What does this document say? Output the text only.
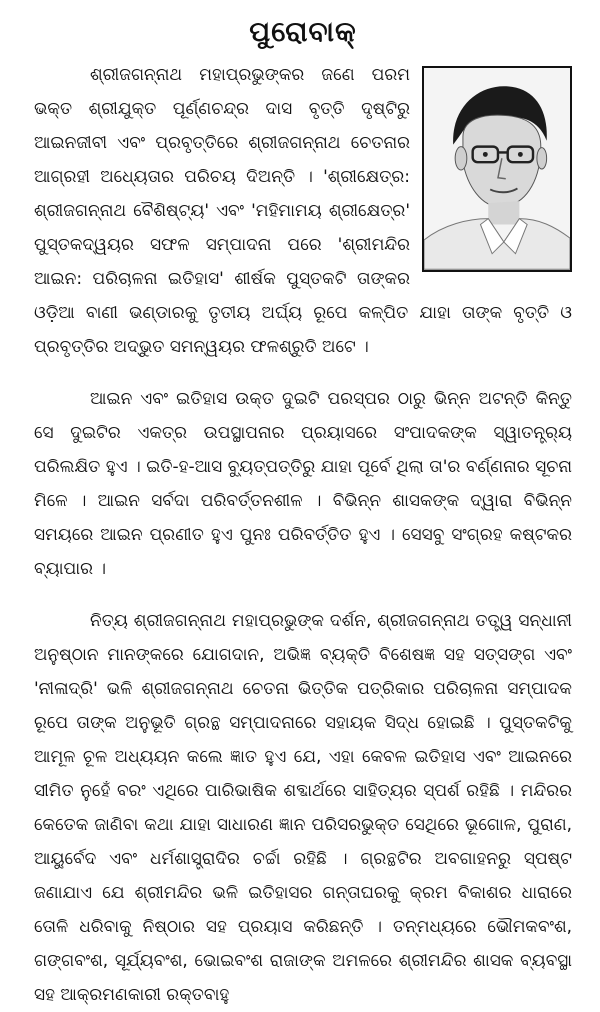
ପୁରୋବାକ୍

ଶ୍ରୀଜଗନ୍ନାଥ ମହାପ୍ରଭୁଙ୍କର ଜଣେ ପରମ ଭକ୍ତ ଶ୍ରୀଯୁକ୍ତ ପୂର୍ଣ୍ଣଚନ୍ଦ୍ର ଦାସ ବୃତ୍ତି ଦୃଷ୍ଟିରୁ ଆଇନଜୀବୀ ଏବଂ ପ୍ରବୃତ୍ତିରେ ଶ୍ରୀଜଗନ୍ନାଥ ଚେତନାର ଆଗ୍ରହୀ ଅଧ୍ୟେତାର ପରିଚୟ ଦିଅନ୍ତି । 'ଶ୍ରୀକ୍ଷେତ୍ର: ଶ୍ରୀଜଗନ୍ନାଥ ବୈଶିଷ୍ଟ୍ୟ' ଏବଂ 'ମହିମାମୟ ଶ୍ରୀକ୍ଷେତ୍ର' ପୁସ୍ତକଦ୍ୱୟର ସଫଳ ସମ୍ପାଦନା ପରେ 'ଶ୍ରୀମନ୍ଦିର ଆଇନ: ପରିଚାଳନା ଇତିହାସ' ଶୀର୍ଷକ ପୁସ୍ତକଟି ତାଙ୍କର ଓଡ଼ିଆ ବାଣୀ ଭଣ୍ଡାରକୁ ତୃତୀୟ ଅର୍ଘ୍ୟ ରୂପେ କଳ୍ପିତ ଯାହା ତାଙ୍କ ବୃତ୍ତି ଓ ପ୍ରବୃତ୍ତିର ଅଦ୍ଭୁତ ସମନ୍ୱୟର ଫଳଶ୍ରୁତି ଅଟେ ।

ଆଇନ ଏବଂ ଇତିହାସ ଉକ୍ତ ଦୁଇଟି ପରସ୍ପର ଠାରୁ ଭିନ୍ନ ଅଟନ୍ତି କିନ୍ତୁ ସେ ଦୁଇଟିର ଏକତ୍ର ଉପସ୍ଥାପନାର ପ୍ରୟାସରେ ସଂପାଦକଙ୍କ ସ୍ୱାତନ୍ତ୍ର୍ୟ ପରିଲକ୍ଷିତ ହୁଏ । ଇତି-ହ-ଆସ ବ୍ୟୁତ୍ପତ୍ତିରୁ ଯାହା ପୂର୍ବେ ଥିଲା ତା'ର ବର୍ଣ୍ଣନାର ସୂଚନା ମିଳେ । ଆଇନ ସର୍ବଦା ପରିବର୍ତ୍ତନଶୀଳ । ବିଭିନ୍ନ ଶାସକଙ୍କ ଦ୍ୱାରା ବିଭିନ୍ନ ସମୟରେ ଆଇନ ପ୍ରଣୀତ ହୁଏ ପୁନଃ ପରିବର୍ତ୍ତିତ ହୁଏ । ସେସବୁ ସଂଗ୍ରହ କଷ୍ଟକର ବ୍ୟାପାର ।

ନିତ୍ୟ ଶ୍ରୀଜଗନ୍ନାଥ ମହାପ୍ରଭୁଙ୍କ ଦର୍ଶନ, ଶ୍ରୀଜଗନ୍ନାଥ ତତ୍ତ୍ୱ ସନ୍ଧାନୀ ଅନୁଷ୍ଠାନ ମାନଙ୍କରେ ଯୋଗଦାନ, ଅଭିଜ୍ଞ ବ୍ୟକ୍ତି ବିଶେଷଜ୍ଞ ସହ ସତ୍‌ସଙ୍ଗ ଏବଂ 'ନୀଳାଦ୍ରି' ଭଳି ଶ୍ରୀଜଗନ୍ନାଥ ଚେତନା ଭିତ୍ତିକ ପତ୍ରିକାର ପରିଚାଳନା ସମ୍ପାଦକ ରୂପେ ତାଙ୍କ ଅନୁଭୂତି ଗ୍ରନ୍ଥ ସମ୍ପାଦନାରେ ସହାୟକ ସିଦ୍ଧ ହୋଇଛି । ପୁସ୍ତକଟିକୁ ଆମୂଳ ଚୂଳ ଅଧ୍ୟୟନ କଲେ ଜ୍ଞାତ ହୁଏ ଯେ, ଏହା କେବଳ ଇତିହାସ ଏବଂ ଆଇନରେ ସୀମିତ ନୁହେଁ ବରଂ ଏଥିରେ ପାରିଭାଷିକ ଶବ୍ଦାର୍ଥରେ ସାହିତ୍ୟର ସ୍ପର୍ଶ ରହିଛି । ମନ୍ଦିରର କେତେକ ଜାଣିବା କଥା ଯାହା ସାଧାରଣ ଜ୍ଞାନ ପରିସରଭୁକ୍ତ ସେଥିରେ ଭୂଗୋଳ, ପୁରାଣ, ଆୟୁର୍ବେଦ ଏବଂ ଧର୍ମଶାସ୍ତ୍ରାଦିର ଚର୍ଚ୍ଚା ରହିଛି । ଗ୍ରନ୍ଥଟିର ଅବଗାହନରୁ ସ୍ପଷ୍ଟ ଜଣାଯାଏ ଯେ ଶ୍ରୀମନ୍ଦିର ଭଳି ଇତିହାସର ଗନ୍ତାଘରକୁ କ୍ରମ ବିକାଶର ଧାରାରେ ତୋଳି ଧରିବାକୁ ନିଷ୍ଠାର ସହ ପ୍ରୟାସ କରିଛନ୍ତି । ତନ୍ମଧ୍ୟରେ ଭୌମକବଂଶ, ଗଙ୍ଗବଂଶ, ସୂର୍ଯ୍ୟବଂଶ, ଭୋଇବଂଶ ରାଜାଙ୍କ ଅମଳରେ ଶ୍ରୀମନ୍ଦିର ଶାସକ ବ୍ୟବସ୍ଥା ସହ ଆକ୍ରମଣକାରୀ ରକ୍ତବାହୁ
